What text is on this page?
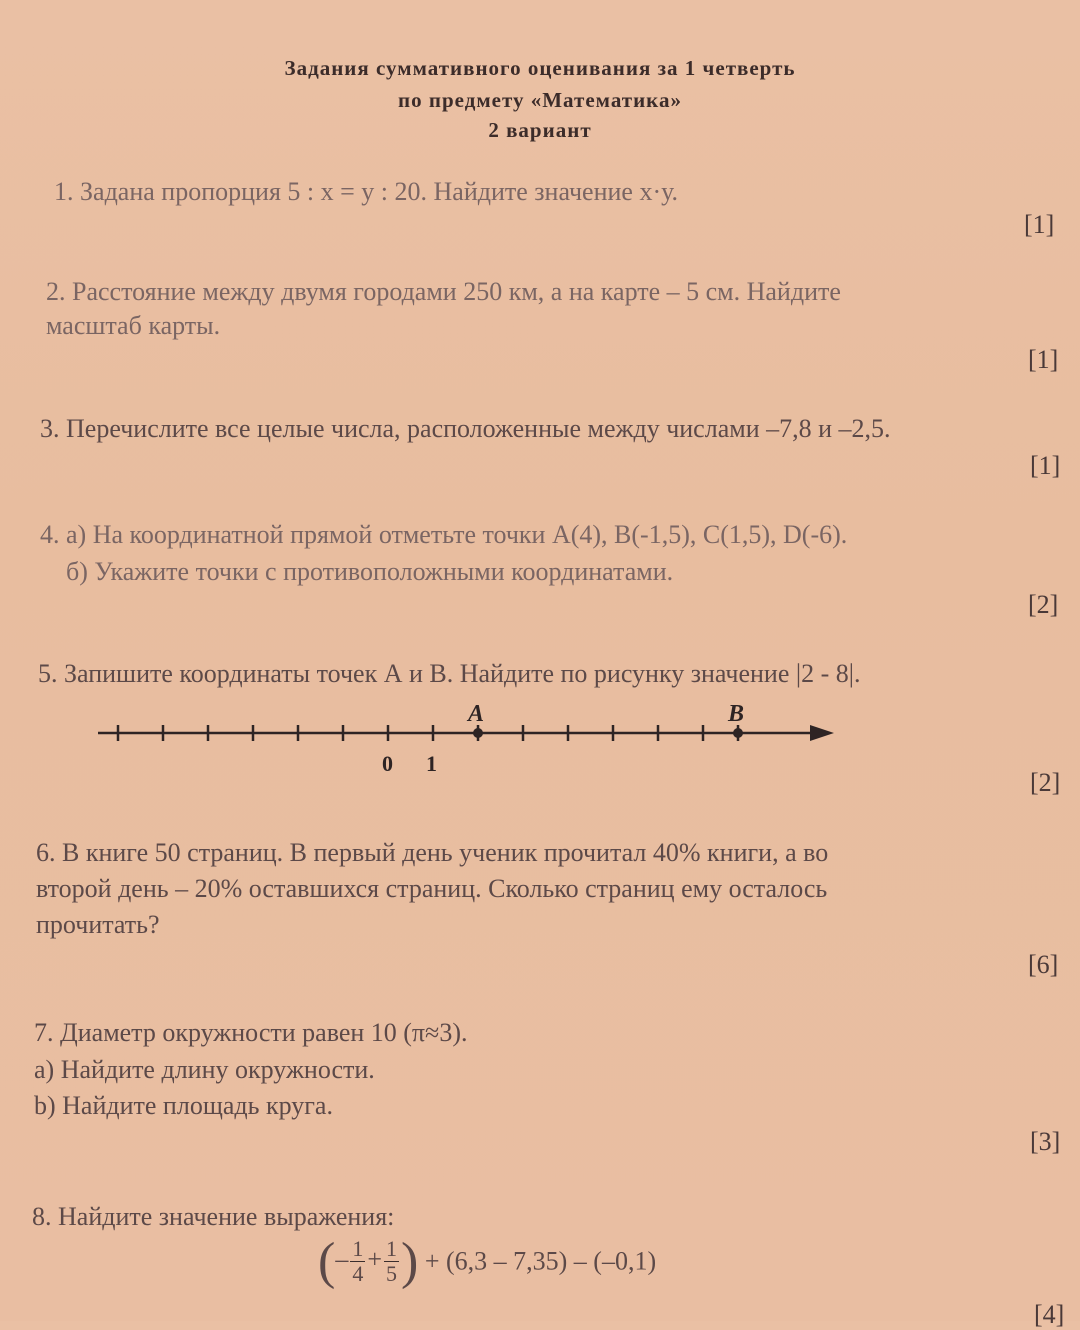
Задания суммативного оценивания за 1 четверть
по предмету «Математика»
2 вариант
1. Задана пропорция 5 : х = у : 20. Найдите значение х·у.
[1]
2. Расстояние между двумя городами 250 км, а на карте – 5 см. Найдите
масштаб карты.
[1]
3. Перечислите все целые числа, расположенные между числами –7,8 и –2,5.
[1]
4. а) На координатной прямой отметьте точки А(4), В(-1,5), С(1,5), D(-6).
б) Укажите точки с противоположными координатами.
[2]
5. Запишите координаты точек А и В. Найдите по рисунку значение |2 - 8|.
A	B
0 1
[2]
6. В книге 50 страниц. В первый день ученик прочитал 40% книги, а во
второй день – 20% оставшихся страниц. Сколько страниц ему осталось
прочитать?
[6]
7. Диаметр окружности равен 10 (π≈3).
a) Найдите длину окружности.
b) Найдите площадь круга.
[3]
8. Найдите значение выражения:
(– $\frac{1}{4} + \frac{1}{5}$ ) + (6,3 – 7,35) – (–0,1)
[4]
